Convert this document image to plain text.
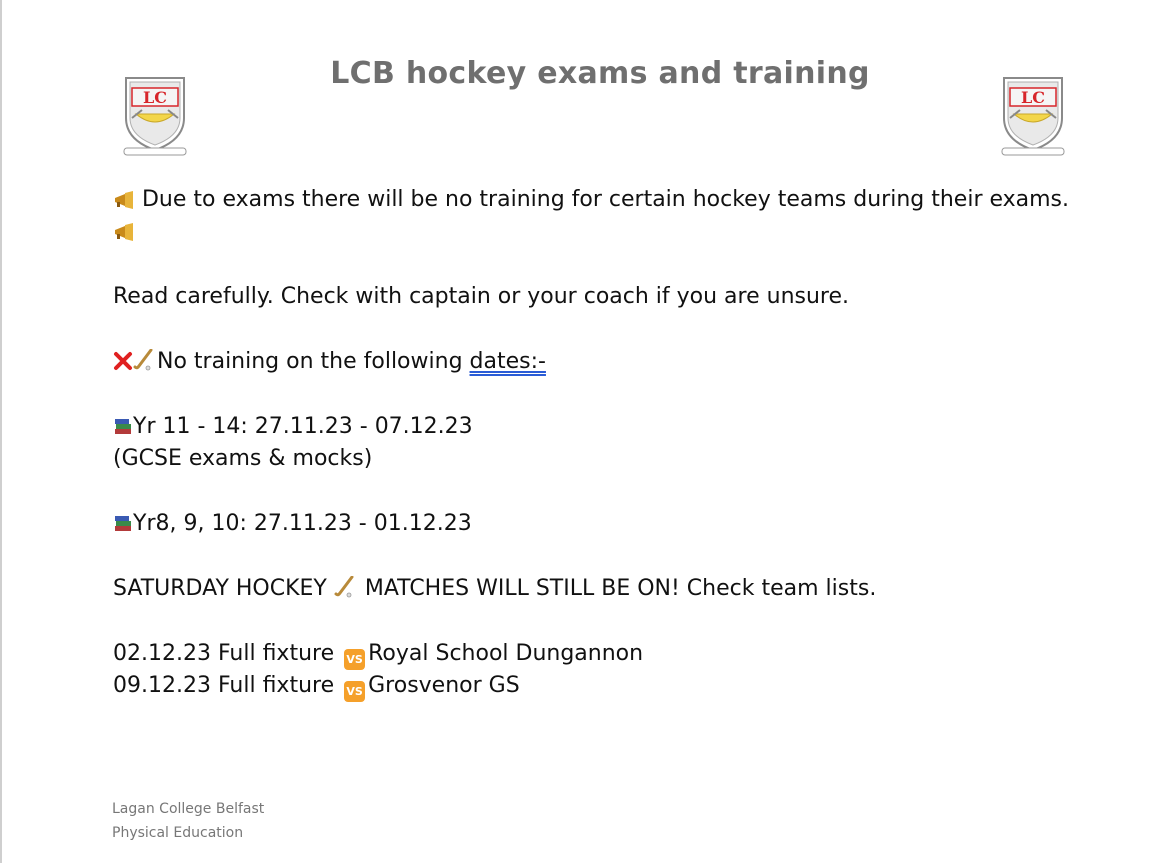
LCB hockey exams and training
LC	LC
Due to exams there will be no training for certain hockey teams during their exams.
Read carefully. Check with captain or your coach if you are unsure.
No training on the following dates:-
Yr 11 - 14: 27.11.23 - 07.12.23
(GCSE exams & mocks)
Yr8, 9, 10: 27.11.23 - 01.12.23
SATURDAY HOCKEY  MATCHES WILL STILL BE ON! Check team lists.
02.12.23 Full fixture VS Royal School Dungannon
09.12.23 Full fixture VS Grosvenor GS
Lagan College Belfast
Physical Education
